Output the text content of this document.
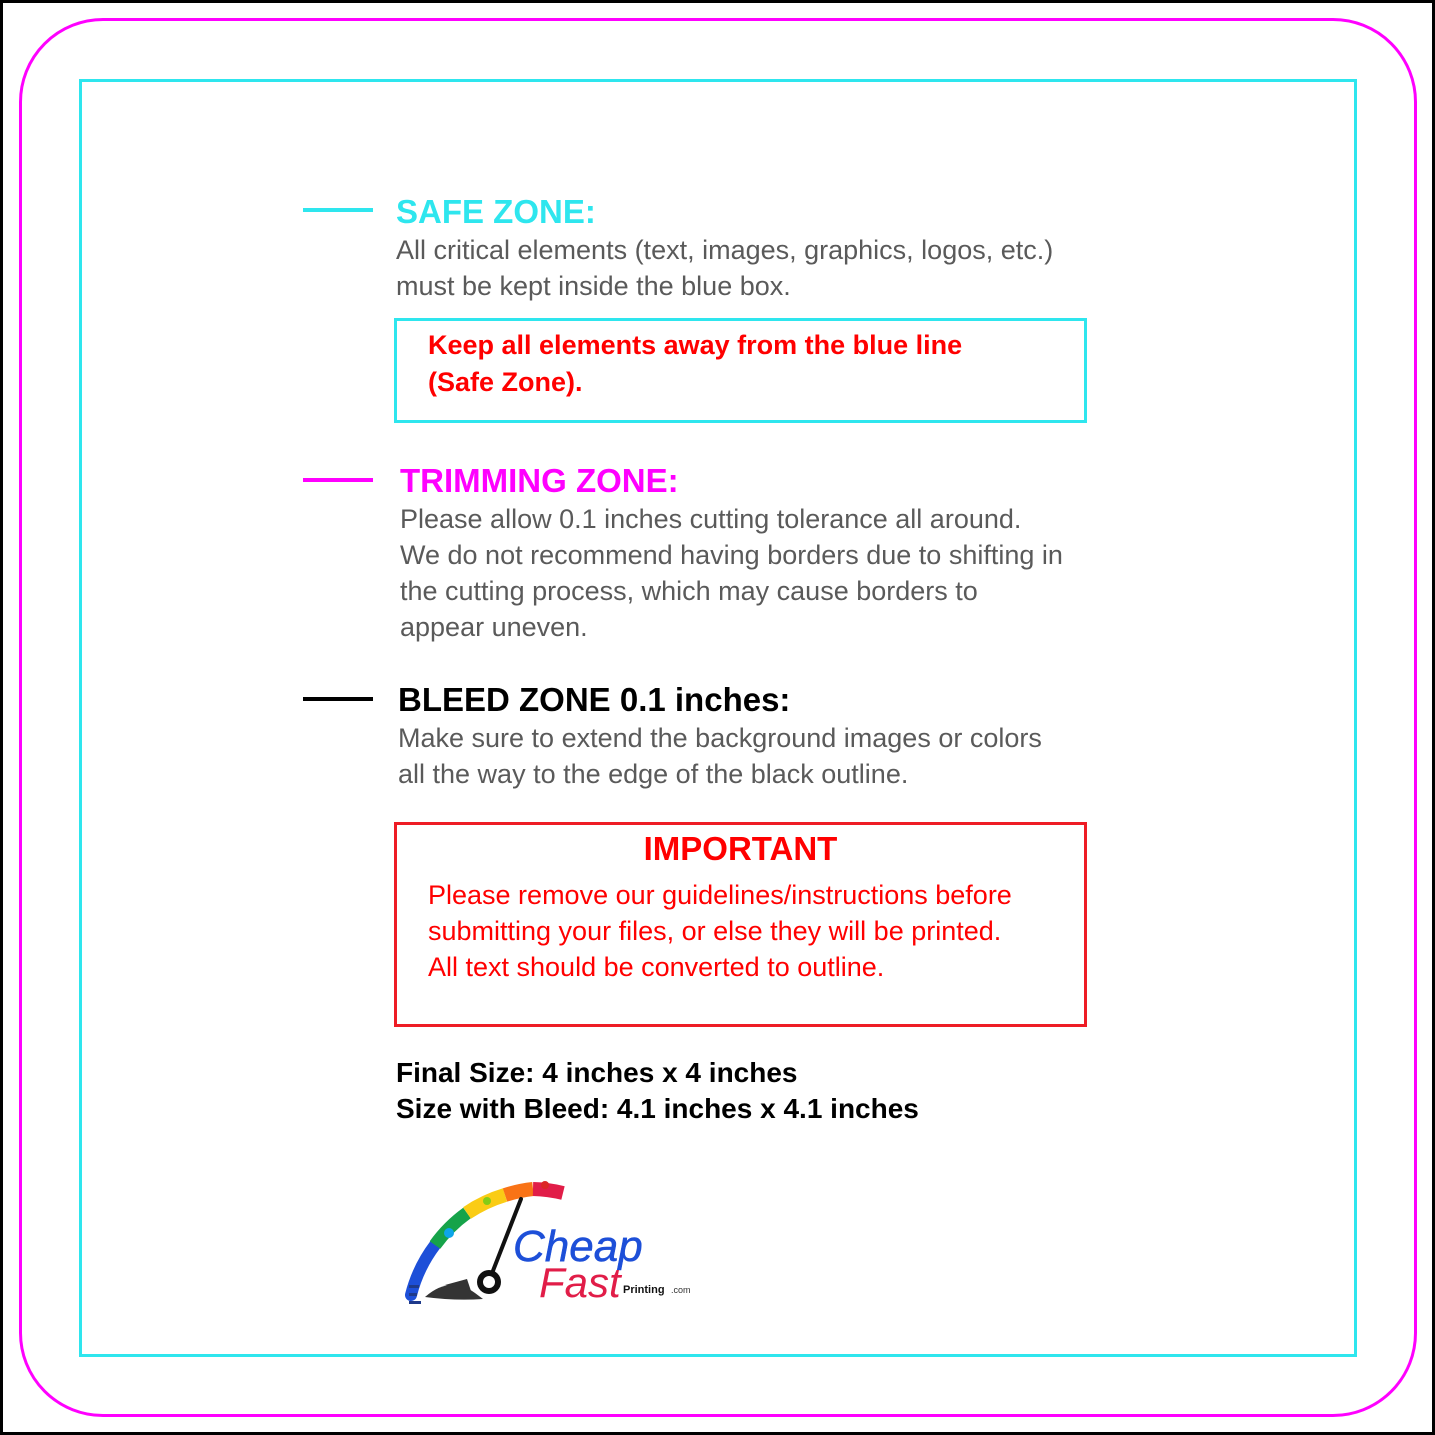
SAFE ZONE:
All critical elements (text, images, graphics, logos, etc.)
must be kept inside the blue box.
Keep all elements away from the blue line
(Safe Zone).
TRIMMING ZONE:
Please allow 0.1 inches cutting tolerance all around.
We do not recommend having borders due to shifting in
the cutting process, which may cause borders to
appear uneven.
BLEED ZONE 0.1 inches:
Make sure to extend the background images or colors
all the way to the edge of the black outline.
IMPORTANT
Please remove our guidelines/instructions before
submitting your files, or else they will be printed.
All text should be converted to outline.
Final Size: 4 inches x 4 inches
Size with Bleed: 4.1 inches x 4.1 inches
Cheap
Fast Printing .com
